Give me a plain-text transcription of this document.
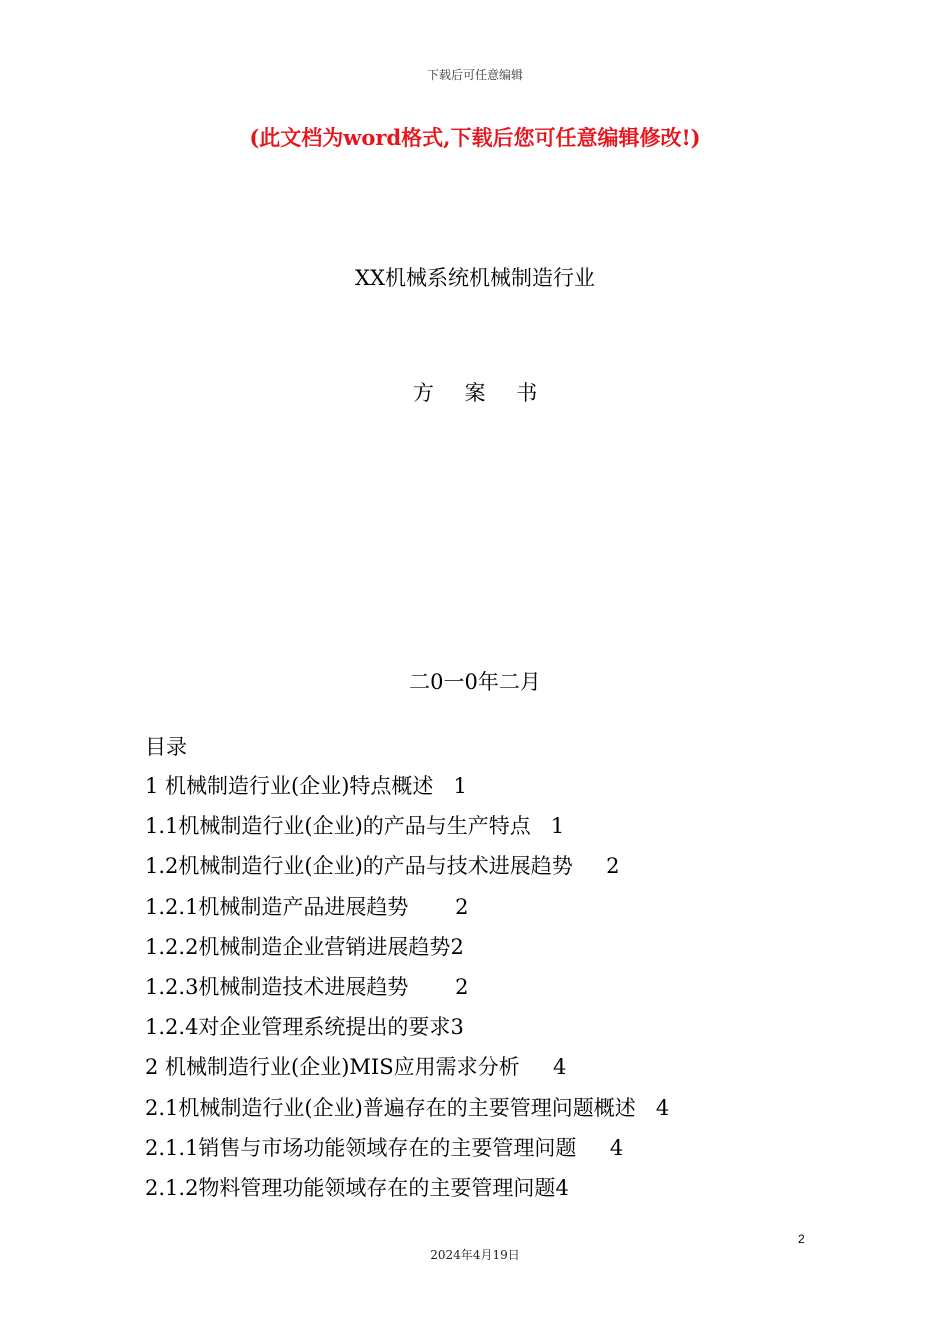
下载后可任意编辑
(此文档为word格式,下载后您可任意编辑修改!)
XX机械系统机械制造行业
方 案 书
二0一0年二月
目录
1 机械制造行业(企业)特点概述 1
1.1机械制造行业(企业)的产品与生产特点 1
1.2机械制造行业(企业)的产品与技术进展趋势 2
1.2.1机械制造产品进展趋势 2
1.2.2机械制造企业营销进展趋势2
1.2.3机械制造技术进展趋势 2
1.2.4对企业管理系统提出的要求3
2 机械制造行业(企业)MIS应用需求分析 4
2.1机械制造行业(企业)普遍存在的主要管理问题概述 4
2.1.1销售与市场功能领域存在的主要管理问题 4
2.1.2物料管理功能领域存在的主要管理问题4
2
2024年4月19日
